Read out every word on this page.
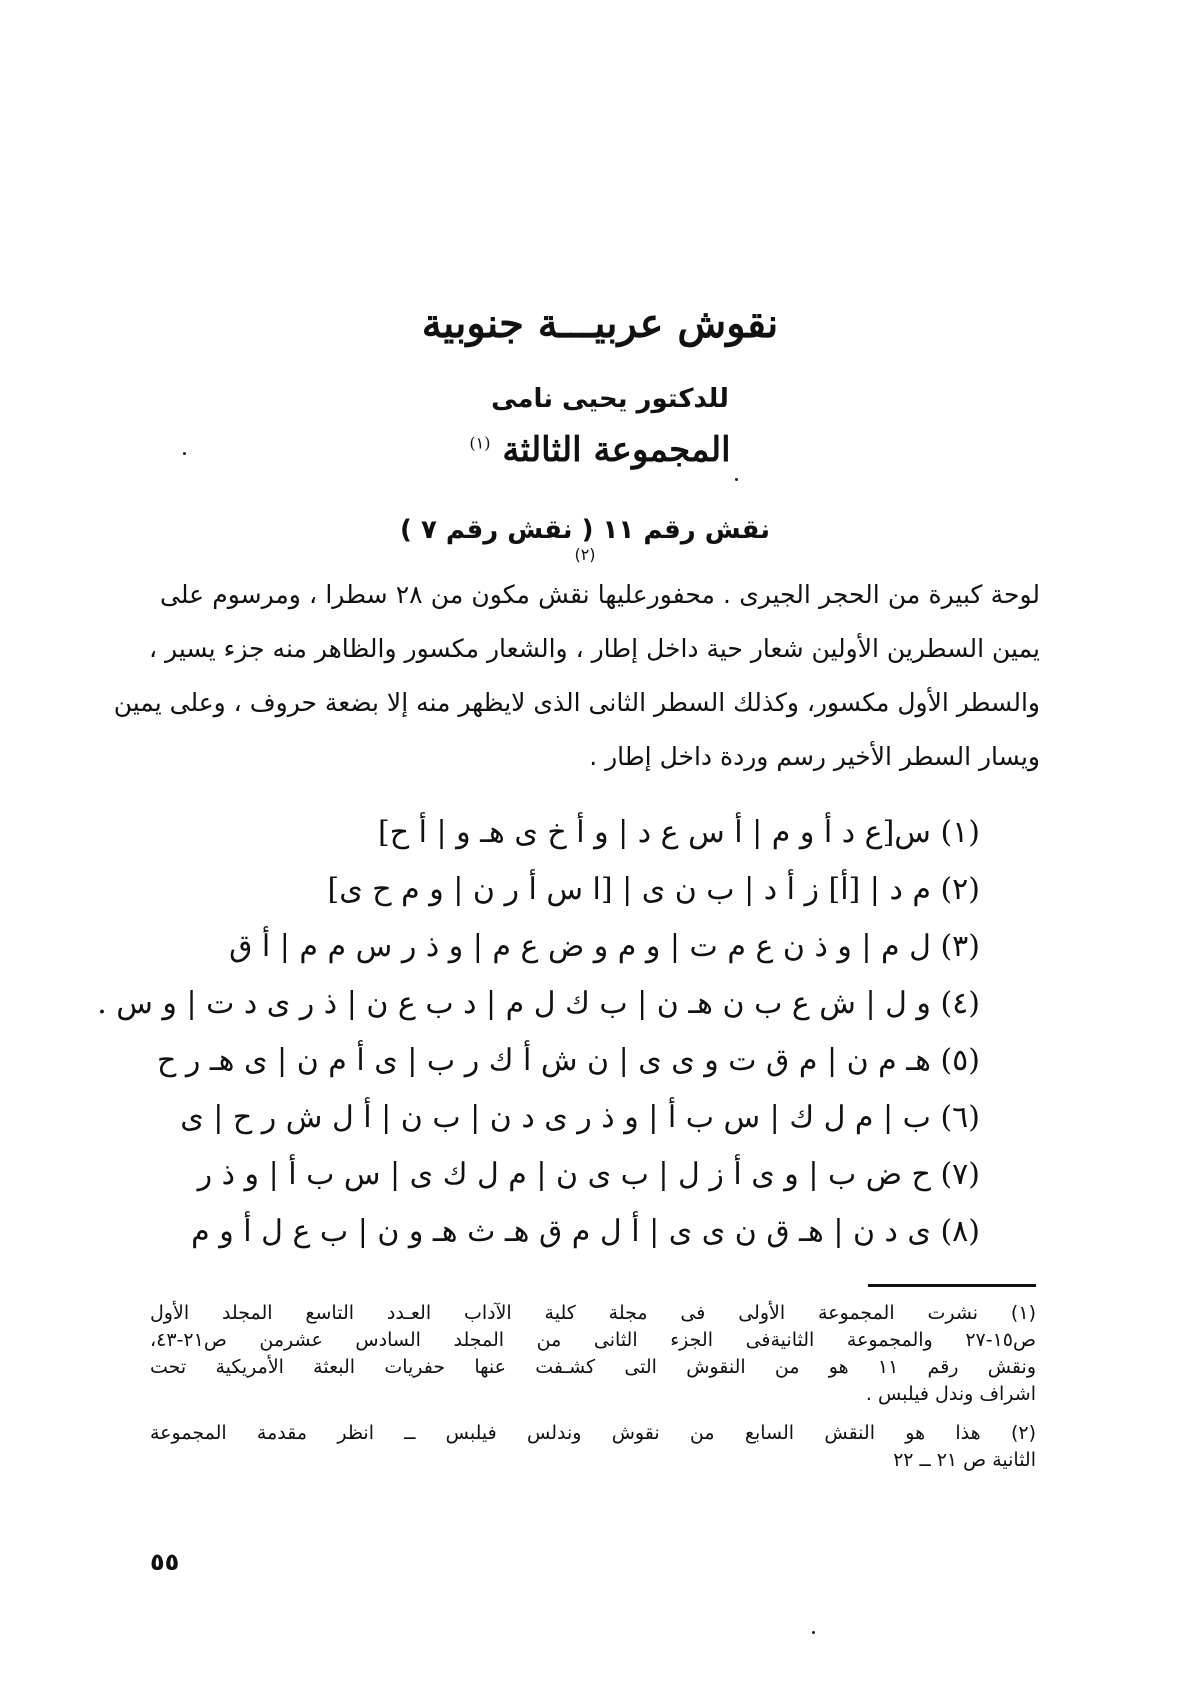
نقوش عربيـــة جنوبية
للدكتور يحيى نامى
المجموعة الثالثة $^{(١)}$
نقش رقم ١١ ( نقش رقم ٧ ) $^{(٢)}$
لوحة كبيرة من الحجر الجيرى . محفورعليها نقش مكون من ٢٨ سطرا ، ومرسوم على
يمين السطرين الأولين شعار حية داخل إطار ، والشعار مكسور والظاهر منه جزء يسير ،
والسطر الأول مكسور، وكذلك السطر الثانى الذى لايظهر منه إلا بضعة حروف ، وعلى يمين
ويسار السطر الأخير رسم وردة داخل إطار .
(١) س[ع د أ و م | أ س ع د | و أ خ ى هـ و | أ ح]
(٢) م د | [أ] ز أ د | ب ن ى | [ا س أ ر ن | و م ح ى]
(٣) ل م | و ذ ن ع م ت | و م و ض ع م | و ذ ر س م م | أ ق
(٤) و ل | ش ع ب ن هـ ن | ب ك ل م | د ب ع ن | ذ ر ى د ت | و س .
(٥) هـ م ن | م ق ت و ى ى | ن ش أ ك ر ب | ى أ م ن | ى هـ ر ح
(٦) ب | م ل ك | س ب أ | و ذ ر ى د ن | ب ن | أ ل ش ر ح | ى
(٧) ح ض ب | و ى أ ز ل | ب ى ن | م ل ك ى | س ب أ | و ذ ر
(٨) ى د ن | هـ ق ن ى ى | أ ل م ق هـ ث هـ و ن | ب ع ل أ و م
(١) نشرت المجموعة الأولى فى مجلة كلية الآداب العـدد التاسع المجلد الأول
ص١٥-٢٧ والمجموعة الثانيةفى الجزء الثانى من المجلد السادس عشرمن ص٢١-٤٣،
ونقش رقم ١١ هو من النقوش التى كشـفت عنها حفريات البعثة الأمريكية تحت
اشراف وندل فيلبس .
(٢) هذا هو النقش السابع من نقوش وندلس فيلبس ــ انظر مقدمة المجموعة
الثانية ص ٢١ ــ ٢٢
٥٥
